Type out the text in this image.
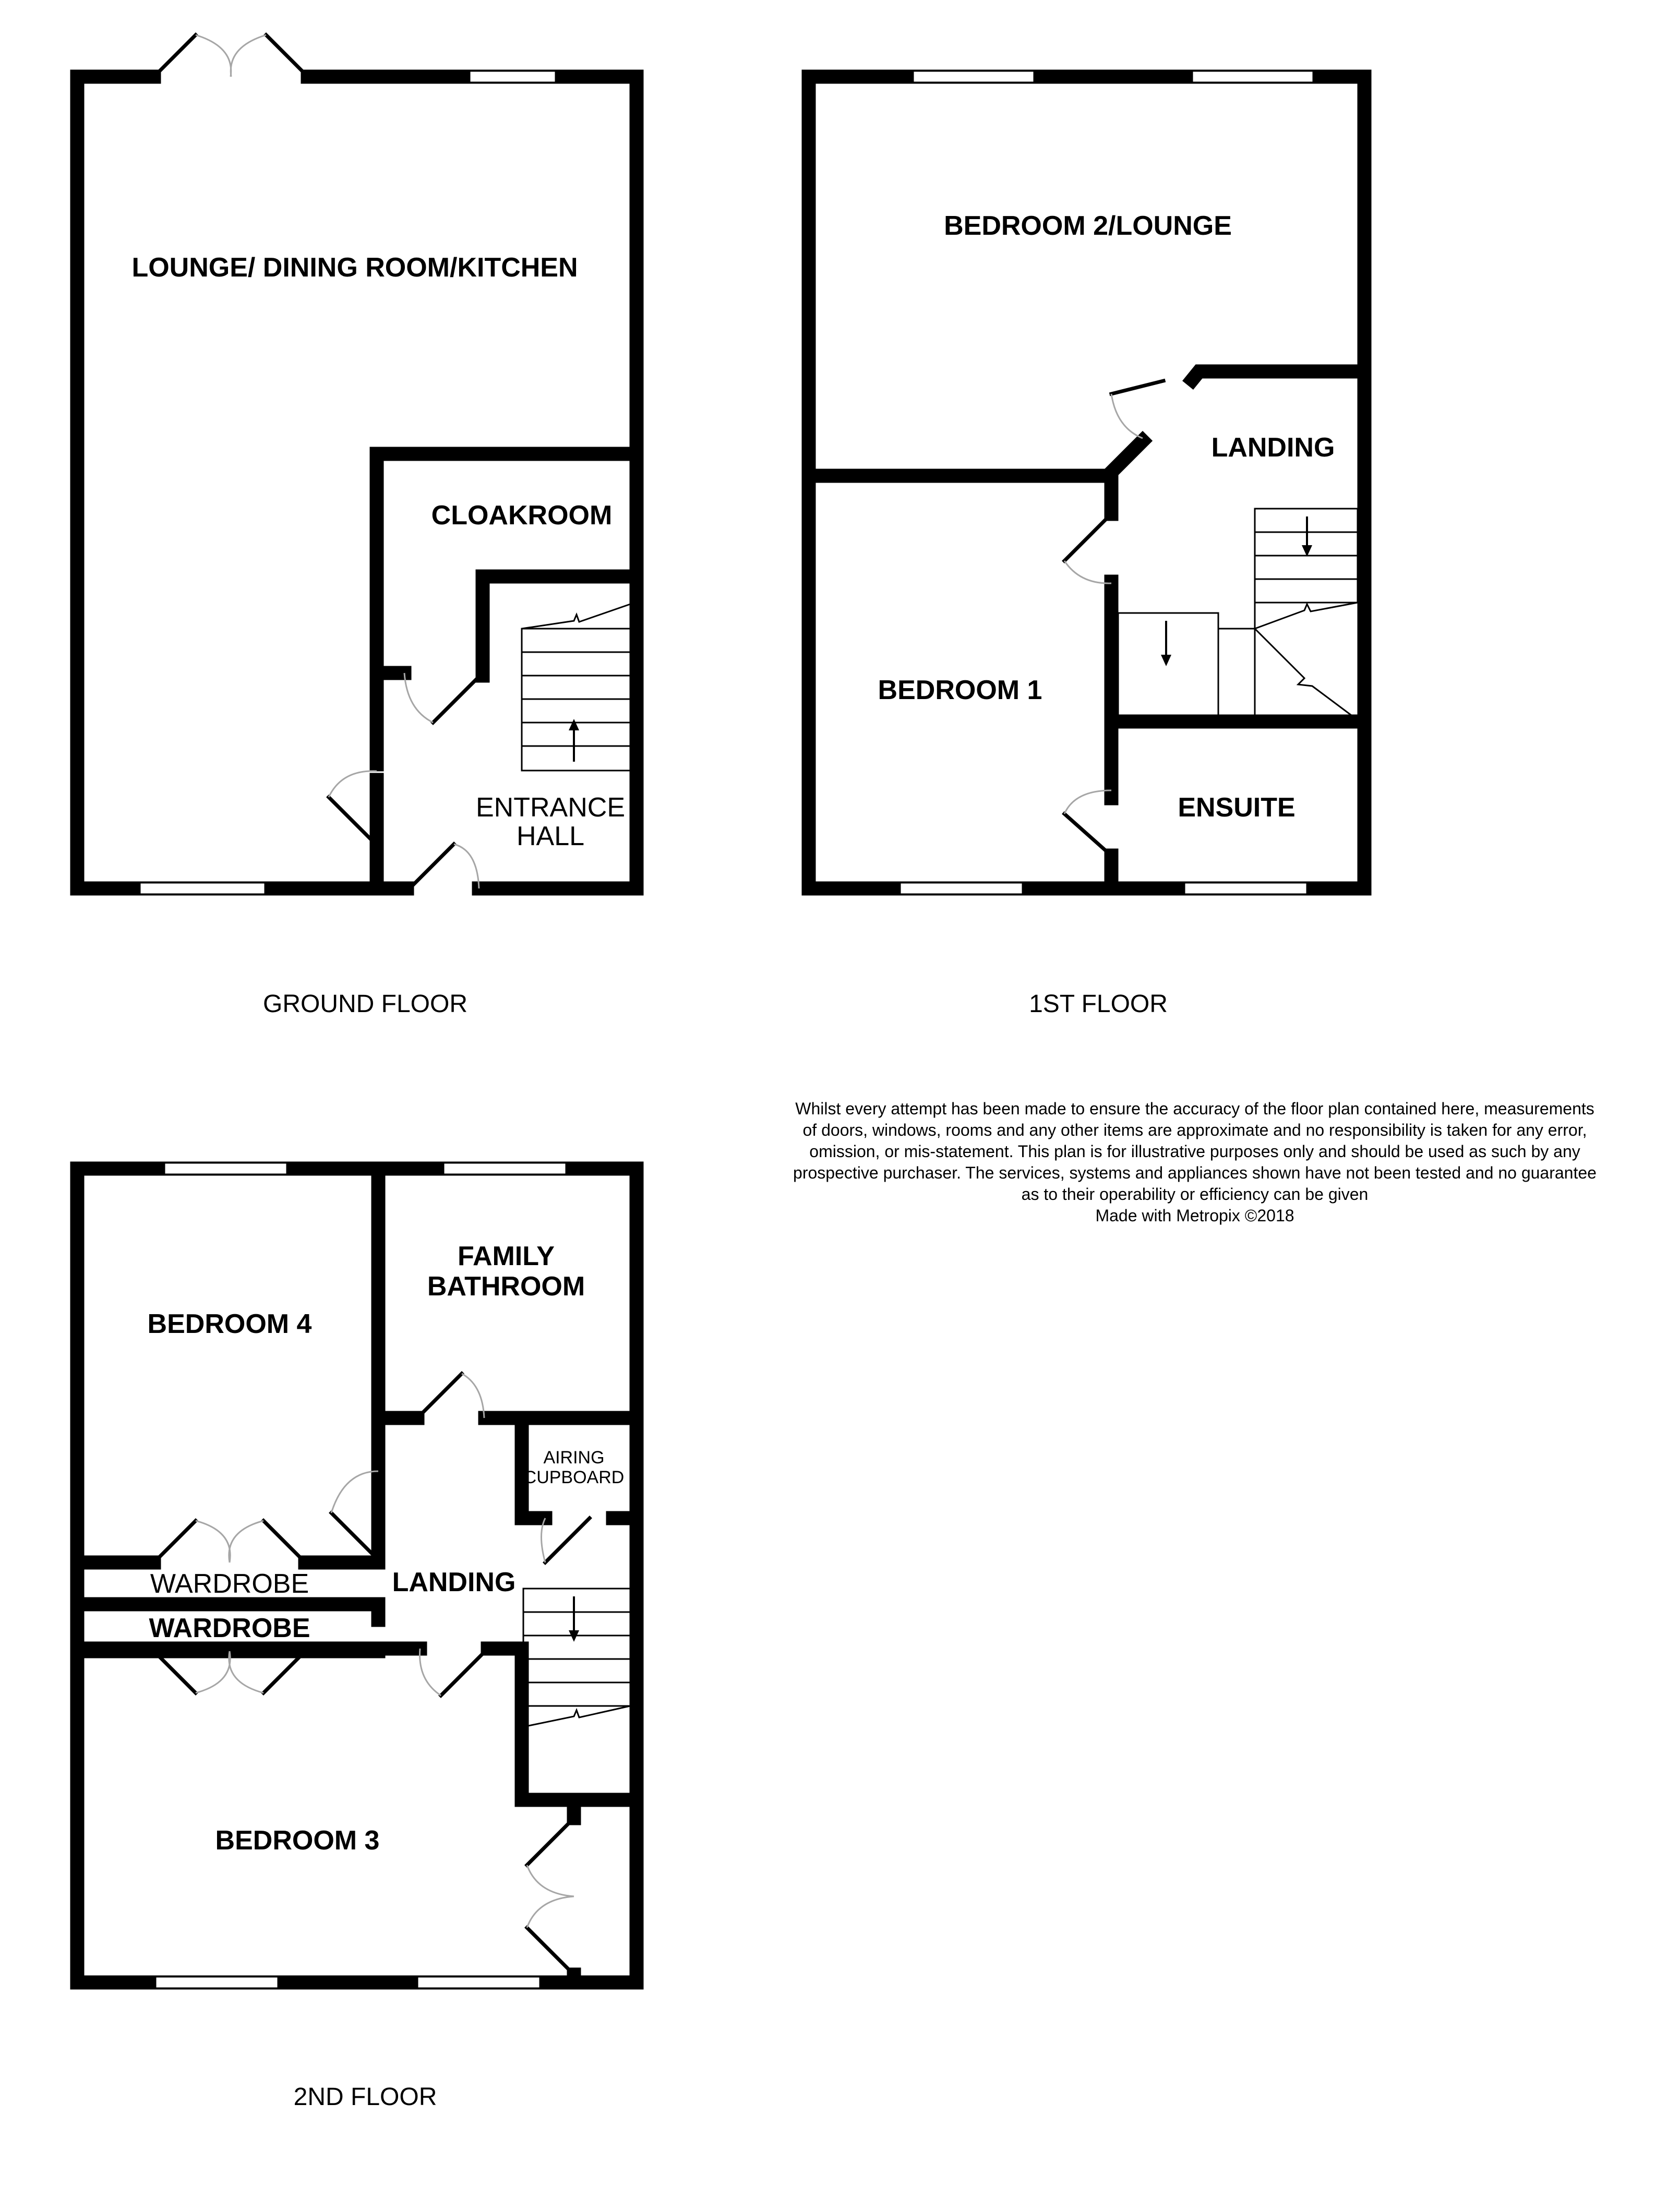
LOUNGE/ DINING ROOM/KITCHEN
CLOAKROOM
ENTRANCE
HALL
GROUND FLOOR
BEDROOM 2/LOUNGE
LANDING
BEDROOM 1
ENSUITE
1ST FLOOR
FAMILY
BATHROOM
BEDROOM 4
AIRING
CUPBOARD
WARDROBE	LANDING
WARDROBE
BEDROOM 3
2ND FLOOR
Whilst every attempt has been made to ensure the accuracy of the floor plan contained here, measurements
of doors, windows, rooms and any other items are approximate and no responsibility is taken for any error,
omission, or mis-statement. This plan is for illustrative purposes only and should be used as such by any
prospective purchaser. The services, systems and appliances shown have not been tested and no guarantee
as to their operability or efficiency can be given
Made with Metropix ©2018
